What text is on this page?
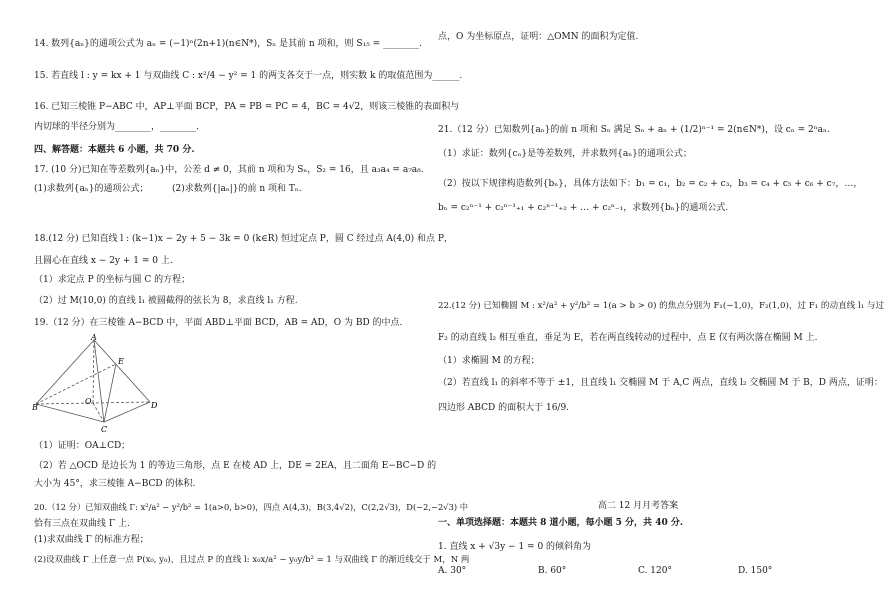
14. 数列{aₙ}的通项公式为 aₙ = (−1)ⁿ(2n+1)(n∈N*)，Sₙ 是其前 n 项和，则 S₁₅ = ________.
15. 若直线 l : y = kx + 1 与双曲线 C : x²/4 − y² = 1 的两支各交于一点，则实数 k 的取值范围为______.
16. 已知三棱锥 P−ABC 中，AP⊥平面 BCP，PA = PB = PC = 4，BC = 4√2，则该三棱锥的表面积与
内切球的半径分别为________，________.
四、解答题：本题共 6 小题，共 70 分.
17. (10 分)已知在等差数列{aₙ}中，公差 d ≠ 0，其前 n 项和为 Sₙ，S₂ = 16，且 a₃a₄ = a₇a₈.
(1)求数列{aₙ}的通项公式；	(2)求数列{|aₙ|}的前 n 项和 Tₙ.
18.(12 分) 已知直线 l : (k−1)x − 2y + 5 − 3k = 0 (k∈R) 恒过定点 P，圆 C 经过点 A(4,0) 和点 P，
且圆心在直线 x − 2y + 1 = 0 上.
（1）求定点 P 的坐标与圆 C 的方程；
（2）过 M(10,0) 的直线 l₁ 被圆截得的弦长为 8，求直线 l₁ 方程.
19.（12 分）在三棱锥 A−BCD 中，平面 ABD⊥平面 BCD，AB = AD，O 为 BD 的中点.
A
E
B
O	D
C
（1）证明：OA⊥CD；
（2）若 △OCD 是边长为 1 的等边三角形，点 E 在棱 AD 上，DE = 2EA，且二面角 E−BC−D 的
大小为 45°，求三棱锥 A−BCD 的体积.
20.（12 分）已知双曲线 Γ: x²/a² − y²/b² = 1(a>0, b>0)，四点 A(4,3)，B(3,4√2)，C(2,2√3)，D(−2,−2√3) 中
恰有三点在双曲线 Γ 上.
(1)求双曲线 Γ 的标准方程；
(2)设双曲线 Γ 上任意一点 P(x₀, y₀)，且过点 P 的直线 l: x₀x/a² − y₀y/b² = 1 与双曲线 Γ 的渐近线交于 M，N 两
点，O 为坐标原点，证明：△OMN 的面积为定值.
21.（12 分）已知数列{aₙ}的前 n 项和 Sₙ 满足 Sₙ + aₙ + (1/2)ⁿ⁻¹ = 2(n∈N*)，设 cₙ = 2ⁿaₙ.
（1）求证：数列{cₙ}是等差数列，并求数列{aₙ}的通项公式；
（2）按以下规律构造数列{bₙ}，具体方法如下：b₁ = c₁，b₂ = c₂ + c₃，b₃ = c₄ + c₅ + c₆ + c₇，…，
bₙ = c₂ⁿ⁻¹ + c₂ⁿ⁻¹₊₁ + c₂ⁿ⁻¹₊₂ + … + c₂ⁿ₋₁，求数列{bₙ}的通项公式.
22.(12 分) 已知椭圆 M : x²/a² + y²/b² = 1(a > b > 0) 的焦点分别为 F₁(−1,0)，F₂(1,0)，过 F₁ 的动直线 l₁ 与过
F₂ 的动直线 l₂ 相互垂直，垂足为 E，若在两直线转动的过程中，点 E 仅有两次落在椭圆 M 上.
（1）求椭圆 M 的方程；
（2）若直线 l₁ 的斜率不等于 ±1，且直线 l₁ 交椭圆 M 于 A,C 两点，直线 l₂ 交椭圆 M 于 B，D 两点，证明：
四边形 ABCD 的面积大于 16/9.
高二 12 月月考答案
一、单项选择题：本题共 8 道小题，每小题 5 分，共 40 分.
1. 直线 x + √3y − 1 = 0 的倾斜角为
A. 30°	B. 60°	C. 120°	D. 150°
